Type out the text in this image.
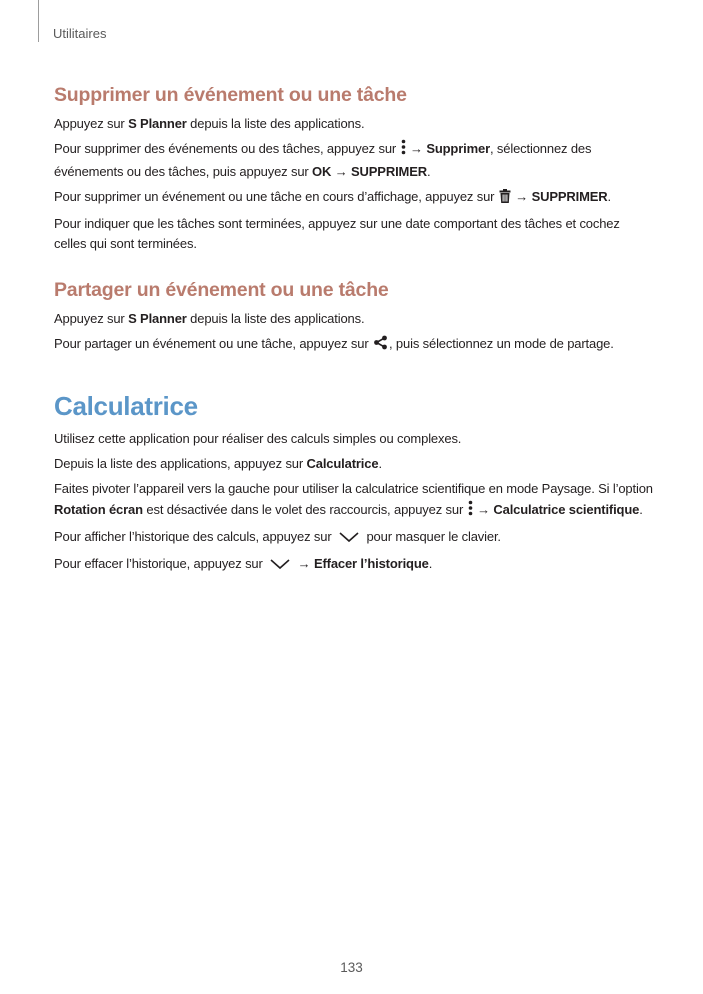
Utilitaires
Supprimer un événement ou une tâche

Appuyez sur S Planner depuis la liste des applications.

Pour supprimer des événements ou des tâches, appuyez sur  → Supprimer, sélectionnez des événements ou des tâches, puis appuyez sur OK → SUPPRIMER.

Pour supprimer un événement ou une tâche en cours d’affichage, appuyez sur  → SUPPRIMER.

Pour indiquer que les tâches sont terminées, appuyez sur une date comportant des tâches et cochez celles qui sont terminées.

Partager un événement ou une tâche

Appuyez sur S Planner depuis la liste des applications.

Pour partager un événement ou une tâche, appuyez sur , puis sélectionnez un mode de partage.

Calculatrice

Utilisez cette application pour réaliser des calculs simples ou complexes.

Depuis la liste des applications, appuyez sur Calculatrice.

Faites pivoter l’appareil vers la gauche pour utiliser la calculatrice scientifique en mode Paysage. Si l’option Rotation écran est désactivée dans le volet des raccourcis, appuyez sur  → Calculatrice scientifique.

Pour afficher l’historique des calculs, appuyez sur  pour masquer le clavier.

Pour effacer l’historique, appuyez sur  → Effacer l’historique.

133
